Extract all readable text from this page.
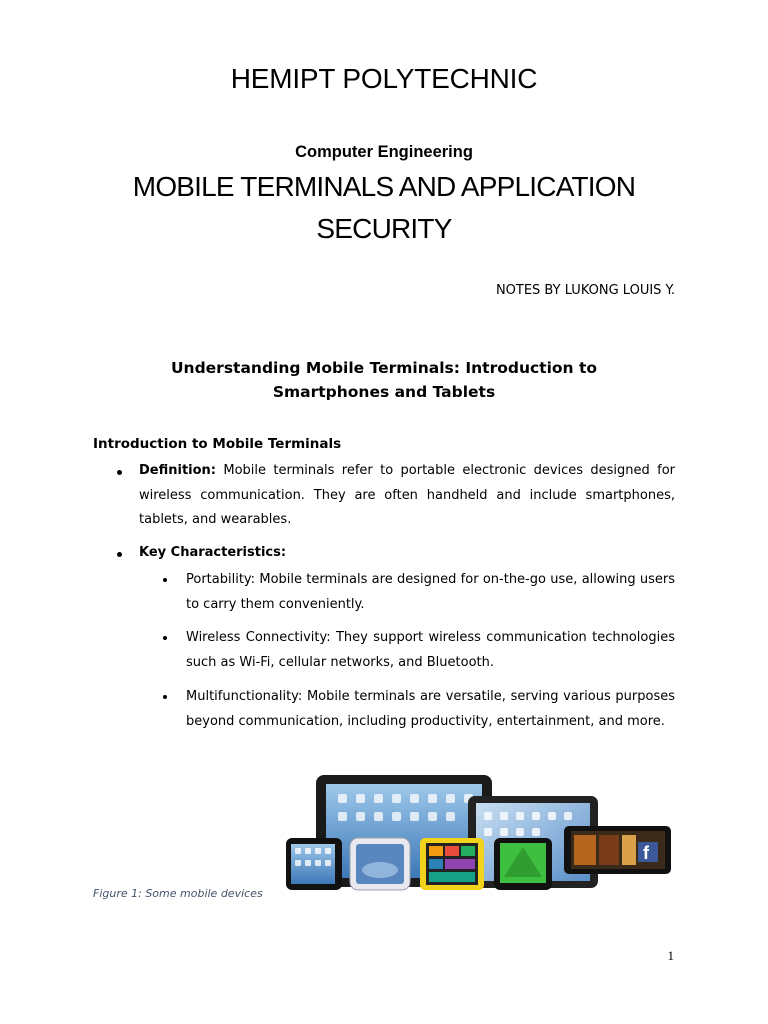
HEMIPT POLYTECHNIC
Computer Engineering
MOBILE TERMINALS AND APPLICATION SECURITY
NOTES BY LUKONG LOUIS Y.
Understanding Mobile Terminals: Introduction to Smartphones and Tablets
Introduction to Mobile Terminals
Definition: Mobile terminals refer to portable electronic devices designed for wireless communication. They are often handheld and include smartphones, tablets, and wearables.
Key Characteristics:
Portability: Mobile terminals are designed for on-the-go use, allowing users to carry them conveniently.
Wireless Connectivity: They support wireless communication technologies such as Wi-Fi, cellular networks, and Bluetooth.
Multifunctionality: Mobile terminals are versatile, serving various purposes beyond communication, including productivity, entertainment, and more.
f
Figure 1: Some mobile devices
1
